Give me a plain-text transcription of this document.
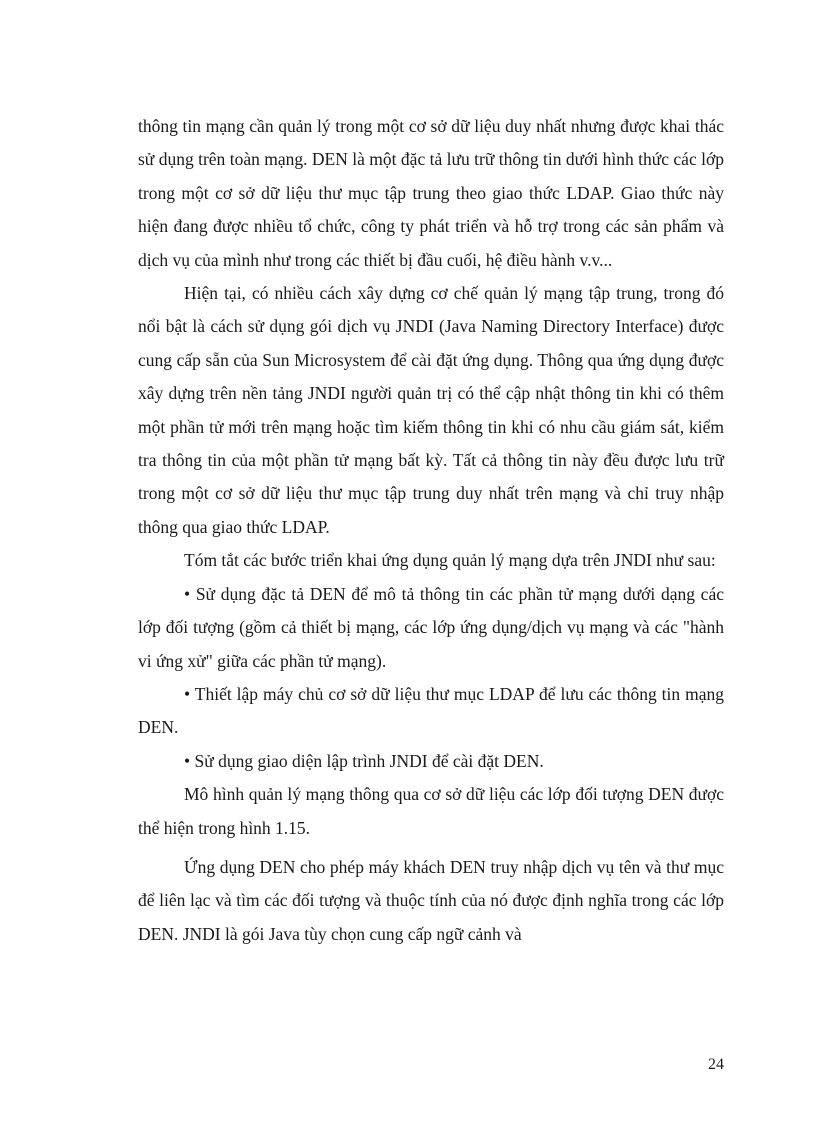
thông tin mạng cần quản lý trong một cơ sở dữ liệu duy nhất nhưng được khai thác sử dụng trên toàn mạng. DEN là một đặc tả lưu trữ thông tin dưới hình thức các lớp trong một cơ sở dữ liệu thư mục tập trung theo giao thức LDAP. Giao thức này hiện đang được nhiều tổ chức, công ty phát triển và hỗ trợ trong các sản phẩm và dịch vụ của mình như trong các thiết bị đầu cuối, hệ điều hành v.v...

Hiện tại, có nhiều cách xây dựng cơ chế quản lý mạng tập trung, trong đó nổi bật là cách sử dụng gói dịch vụ JNDI (Java Naming Directory Interface) được cung cấp sẵn của Sun Microsystem để cài đặt ứng dụng. Thông qua ứng dụng được xây dựng trên nền tảng JNDI người quản trị có thể cập nhật thông tin khi có thêm một phần tử mới trên mạng hoặc tìm kiếm thông tin khi có nhu cầu giám sát, kiểm tra thông tin của một phần tử mạng bất kỳ. Tất cả thông tin này đều được lưu trữ trong một cơ sở dữ liệu thư mục tập trung duy nhất trên mạng và chỉ truy nhập thông qua giao thức LDAP.

Tóm tắt các bước triển khai ứng dụng quản lý mạng dựa trên JNDI như sau:

• Sử dụng đặc tả DEN để mô tả thông tin các phần tử mạng dưới dạng các lớp đối tượng (gồm cả thiết bị mạng, các lớp ứng dụng/dịch vụ mạng và các "hành vi ứng xử" giữa các phần tử mạng).

• Thiết lập máy chủ cơ sở dữ liệu thư mục LDAP để lưu các thông tin mạng DEN.

• Sử dụng giao diện lập trình JNDI để cài đặt DEN.

Mô hình quản lý mạng thông qua cơ sở dữ liệu các lớp đối tượng DEN được thể hiện trong hình 1.15.

Ứng dụng DEN cho phép máy khách DEN truy nhập dịch vụ tên và thư mục để liên lạc và tìm các đối tượng và thuộc tính của nó được định nghĩa trong các lớp DEN. JNDI là gói Java tùy chọn cung cấp ngữ cảnh và

24
